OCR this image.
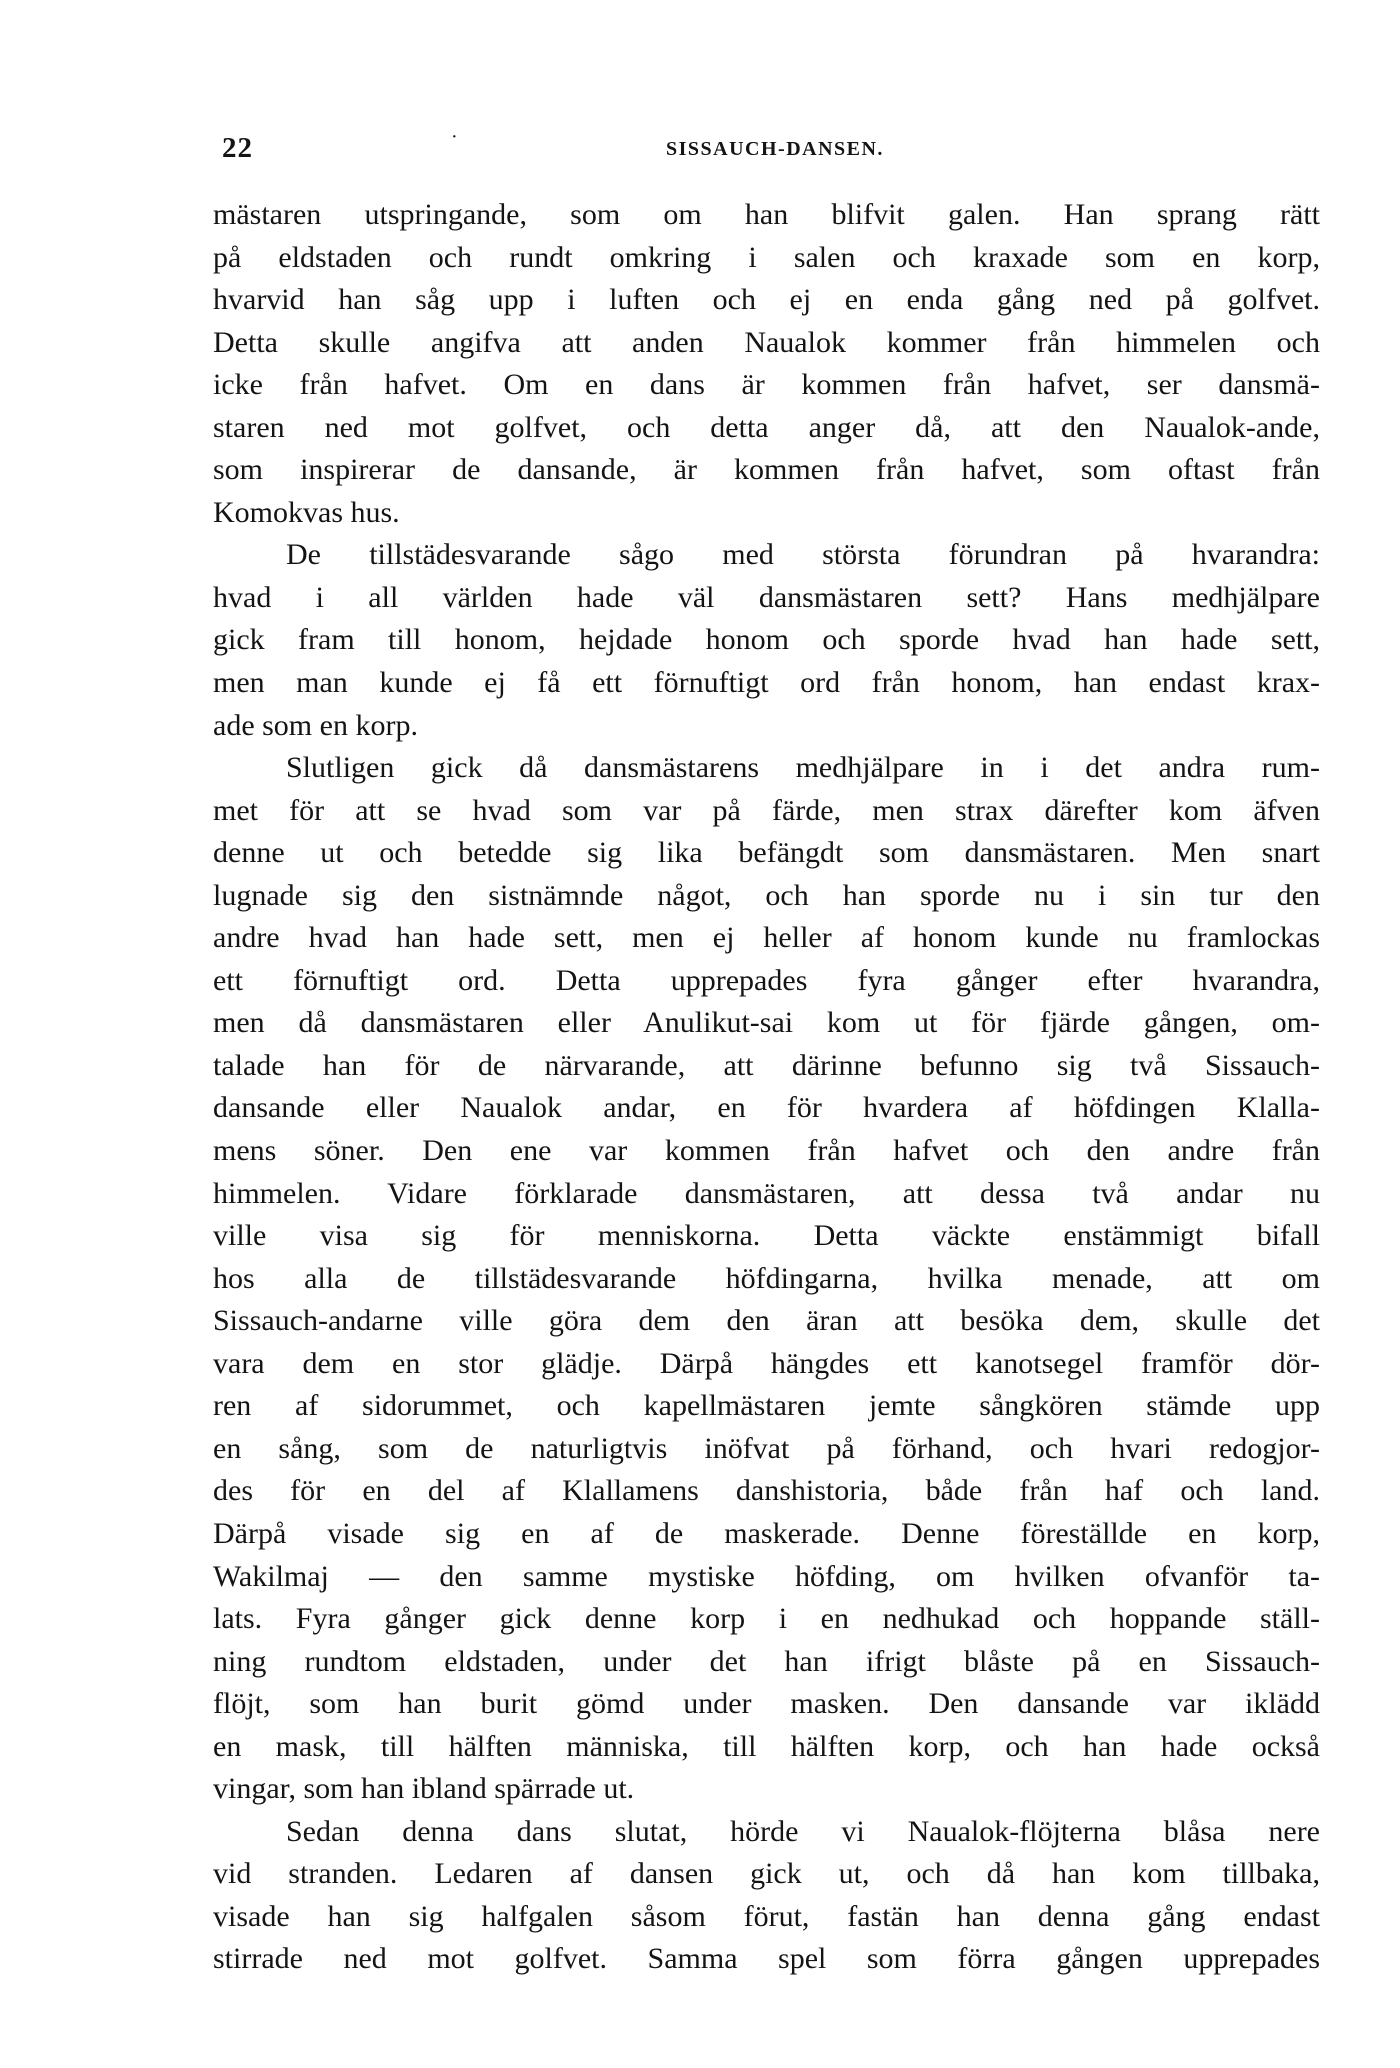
22	·
SISSAUCH-DANSEN.
mästaren utspringande, som om han blifvit galen. Han sprang rätt
på eldstaden och rundt omkring i salen och kraxade som en korp,
hvarvid han såg upp i luften och ej en enda gång ned på golfvet.
Detta skulle angifva att anden Naualok kommer från himmelen och
icke från hafvet. Om en dans är kommen från hafvet, ser dansmä-
staren ned mot golfvet, och detta anger då, att den Naualok-ande,
som inspirerar de dansande, är kommen från hafvet, som oftast från
Komokvas hus.
De tillstädesvarande sågo med största förundran på hvarandra:
hvad i all världen hade väl dansmästaren sett? Hans medhjälpare
gick fram till honom, hejdade honom och sporde hvad han hade sett,
men man kunde ej få ett förnuftigt ord från honom, han endast krax-
ade som en korp.
Slutligen gick då dansmästarens medhjälpare in i det andra rum-
met för att se hvad som var på färde, men strax därefter kom äfven
denne ut och betedde sig lika befängdt som dansmästaren. Men snart
lugnade sig den sistnämnde något, och han sporde nu i sin tur den
andre hvad han hade sett, men ej heller af honom kunde nu framlockas
ett förnuftigt ord. Detta upprepades fyra gånger efter hvarandra,
men då dansmästaren eller Anulikut-sai kom ut för fjärde gången, om-
talade han för de närvarande, att därinne befunno sig två Sissauch-
dansande eller Naualok andar, en för hvardera af höfdingen Klalla-
mens söner. Den ene var kommen från hafvet och den andre från
himmelen. Vidare förklarade dansmästaren, att dessa två andar nu
ville visa sig för menniskorna. Detta väckte enstämmigt bifall
hos alla de tillstädesvarande höfdingarna, hvilka menade, att om
Sissauch-andarne ville göra dem den äran att besöka dem, skulle det
vara dem en stor glädje. Därpå hängdes ett kanotsegel framför dör-
ren af sidorummet, och kapellmästaren jemte sångkören stämde upp
en sång, som de naturligtvis inöfvat på förhand, och hvari redogjor-
des för en del af Klallamens danshistoria, både från haf och land.
Därpå visade sig en af de maskerade. Denne föreställde en korp,
Wakilmaj — den samme mystiske höfding, om hvilken ofvanför ta-
lats. Fyra gånger gick denne korp i en nedhukad och hoppande ställ-
ning rundtom eldstaden, under det han ifrigt blåste på en Sissauch-
flöjt, som han burit gömd under masken. Den dansande var iklädd
en mask, till hälften människa, till hälften korp, och han hade också
vingar, som han ibland spärrade ut.
Sedan denna dans slutat, hörde vi Naualok-flöjterna blåsa nere
vid stranden. Ledaren af dansen gick ut, och då han kom tillbaka,
visade han sig halfgalen såsom förut, fastän han denna gång endast
stirrade ned mot golfvet. Samma spel som förra gången upprepades
